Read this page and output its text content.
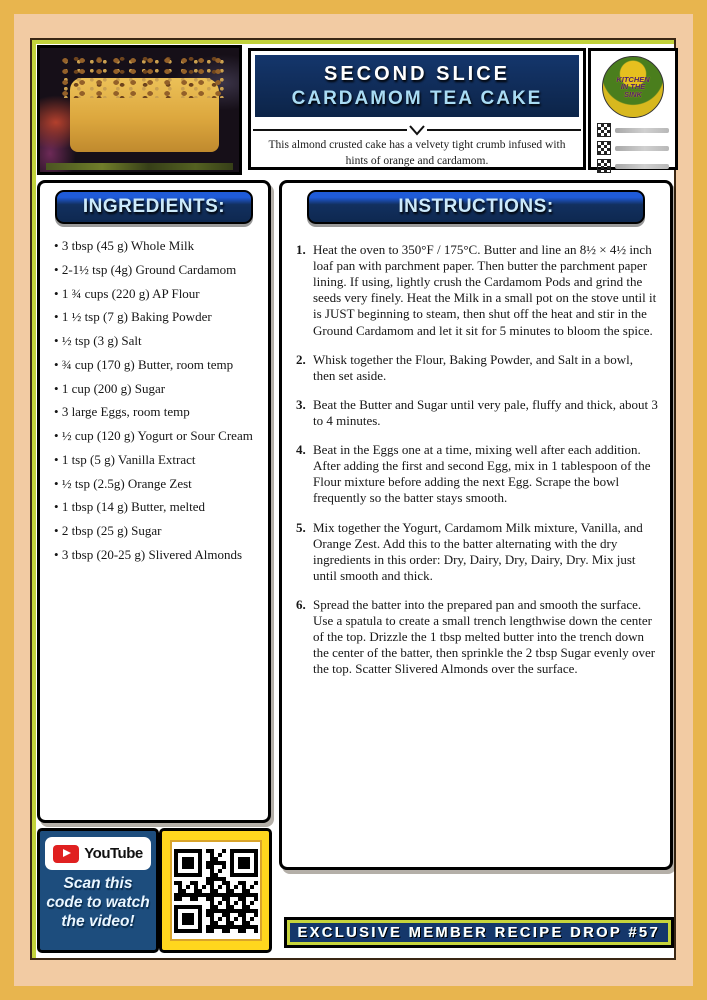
SECOND SLICE
CARDAMOM TEA CAKE
This almond crusted cake has a velvety tight crumb infused with hints of orange and cardamom.
KITCHEN
IN THE
SINK
INGREDIENTS:
• 3 tbsp (45 g) Whole Milk
• 2-1½ tsp (4g) Ground Cardamom
• 1 ¾ cups (220 g) AP Flour
• 1 ½ tsp (7 g) Baking Powder
• ½ tsp (3 g) Salt
• ¾ cup (170 g) Butter, room temp
• 1 cup (200 g) Sugar
• 3 large Eggs, room temp
• ½ cup (120 g) Yogurt or Sour Cream
• 1 tsp (5 g) Vanilla Extract
• ½ tsp (2.5g) Orange Zest
• 1 tbsp (14 g) Butter, melted
• 2 tbsp (25 g) Sugar
• 3 tbsp (20-25 g) Slivered Almonds
INSTRUCTIONS:
1. Heat the oven to 350°F / 175°C. Butter and line an 8½ × 4½ inch loaf pan with parchment paper. Then butter the parchment paper lining. If using, lightly crush the Cardamom Pods and grind the seeds very finely. Heat the Milk in a small pot on the stove until it is JUST beginning to steam, then shut off the heat and stir in the Ground Cardamom and let it sit for 5 minutes to bloom the spice.
2. Whisk together the Flour, Baking Powder, and Salt in a bowl, then set aside.
3. Beat the Butter and Sugar until very pale, fluffy and thick, about 3 to 4 minutes.
4. Beat in the Eggs one at a time, mixing well after each addition. After adding the first and second Egg, mix in 1 tablespoon of the Flour mixture before adding the next Egg. Scrape the bowl frequently so the batter stays smooth.
5. Mix together the Yogurt, Cardamom Milk mixture, Vanilla, and Orange Zest. Add this to the batter alternating with the dry ingredients in this order: Dry, Dairy, Dry, Dairy, Dry. Mix just until smooth and thick.
6. Spread the batter into the prepared pan and smooth the surface. Use a spatula to create a small trench lengthwise down the center of the top. Drizzle the 1 tbsp melted butter into the trench down the center of the batter, then sprinkle the 2 tbsp Sugar evenly over the top. Scatter Slivered Almonds over the surface.
YouTube
Scan this code to watch the video!
EXCLUSIVE MEMBER RECIPE DROP #57
